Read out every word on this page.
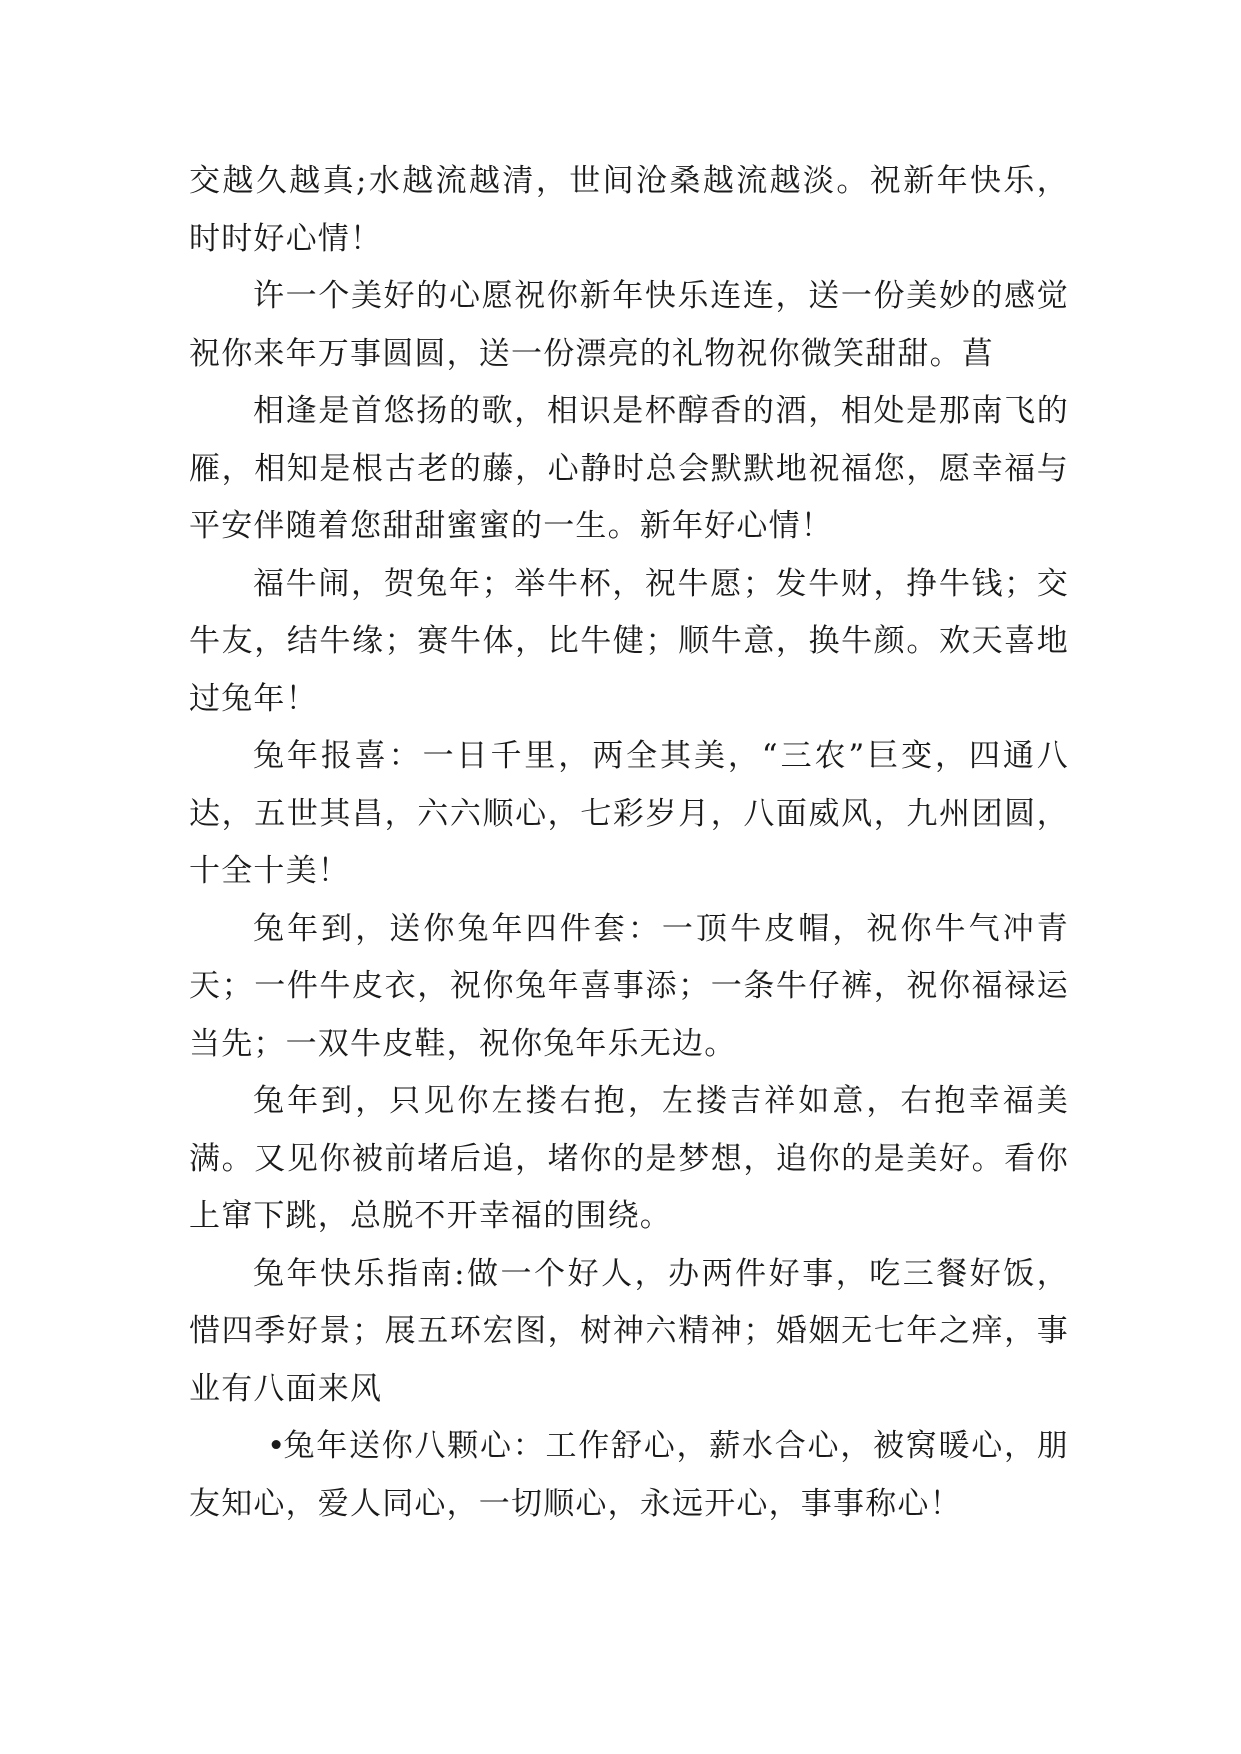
交越久越真;水越流越清，世间沧桑越流越淡。祝新年快乐，时时好心情！

许一个美好的心愿祝你新年快乐连连，送一份美妙的感觉祝你来年万事圆圆，送一份漂亮的礼物祝你微笑甜甜。菖

相逢是首悠扬的歌，相识是杯醇香的酒，相处是那南飞的雁，相知是根古老的藤，心静时总会默默地祝福您，愿幸福与平安伴随着您甜甜蜜蜜的一生。新年好心情！

福牛闹，贺兔年；举牛杯，祝牛愿；发牛财，挣牛钱；交牛友，结牛缘；赛牛体，比牛健；顺牛意，换牛颜。欢天喜地过兔年！

兔年报喜：一日千里，两全其美，“三农”巨变，四通八达，五世其昌，六六顺心，七彩岁月，八面威风，九州团圆，十全十美！

兔年到，送你兔年四件套：一顶牛皮帽，祝你牛气冲青天；一件牛皮衣，祝你兔年喜事添；一条牛仔裤，祝你福禄运当先；一双牛皮鞋，祝你兔年乐无边。

兔年到，只见你左搂右抱，左搂吉祥如意，右抱幸福美满。又见你被前堵后追，堵你的是梦想，追你的是美好。看你上窜下跳，总脱不开幸福的围绕。

兔年快乐指南:做一个好人，办两件好事，吃三餐好饭，惜四季好景；展五环宏图，树神六精神；婚姻无七年之痒，事业有八面来风

•兔年送你八颗心：工作舒心，薪水合心，被窝暖心，朋友知心，爱人同心，一切顺心，永远开心，事事称心！
